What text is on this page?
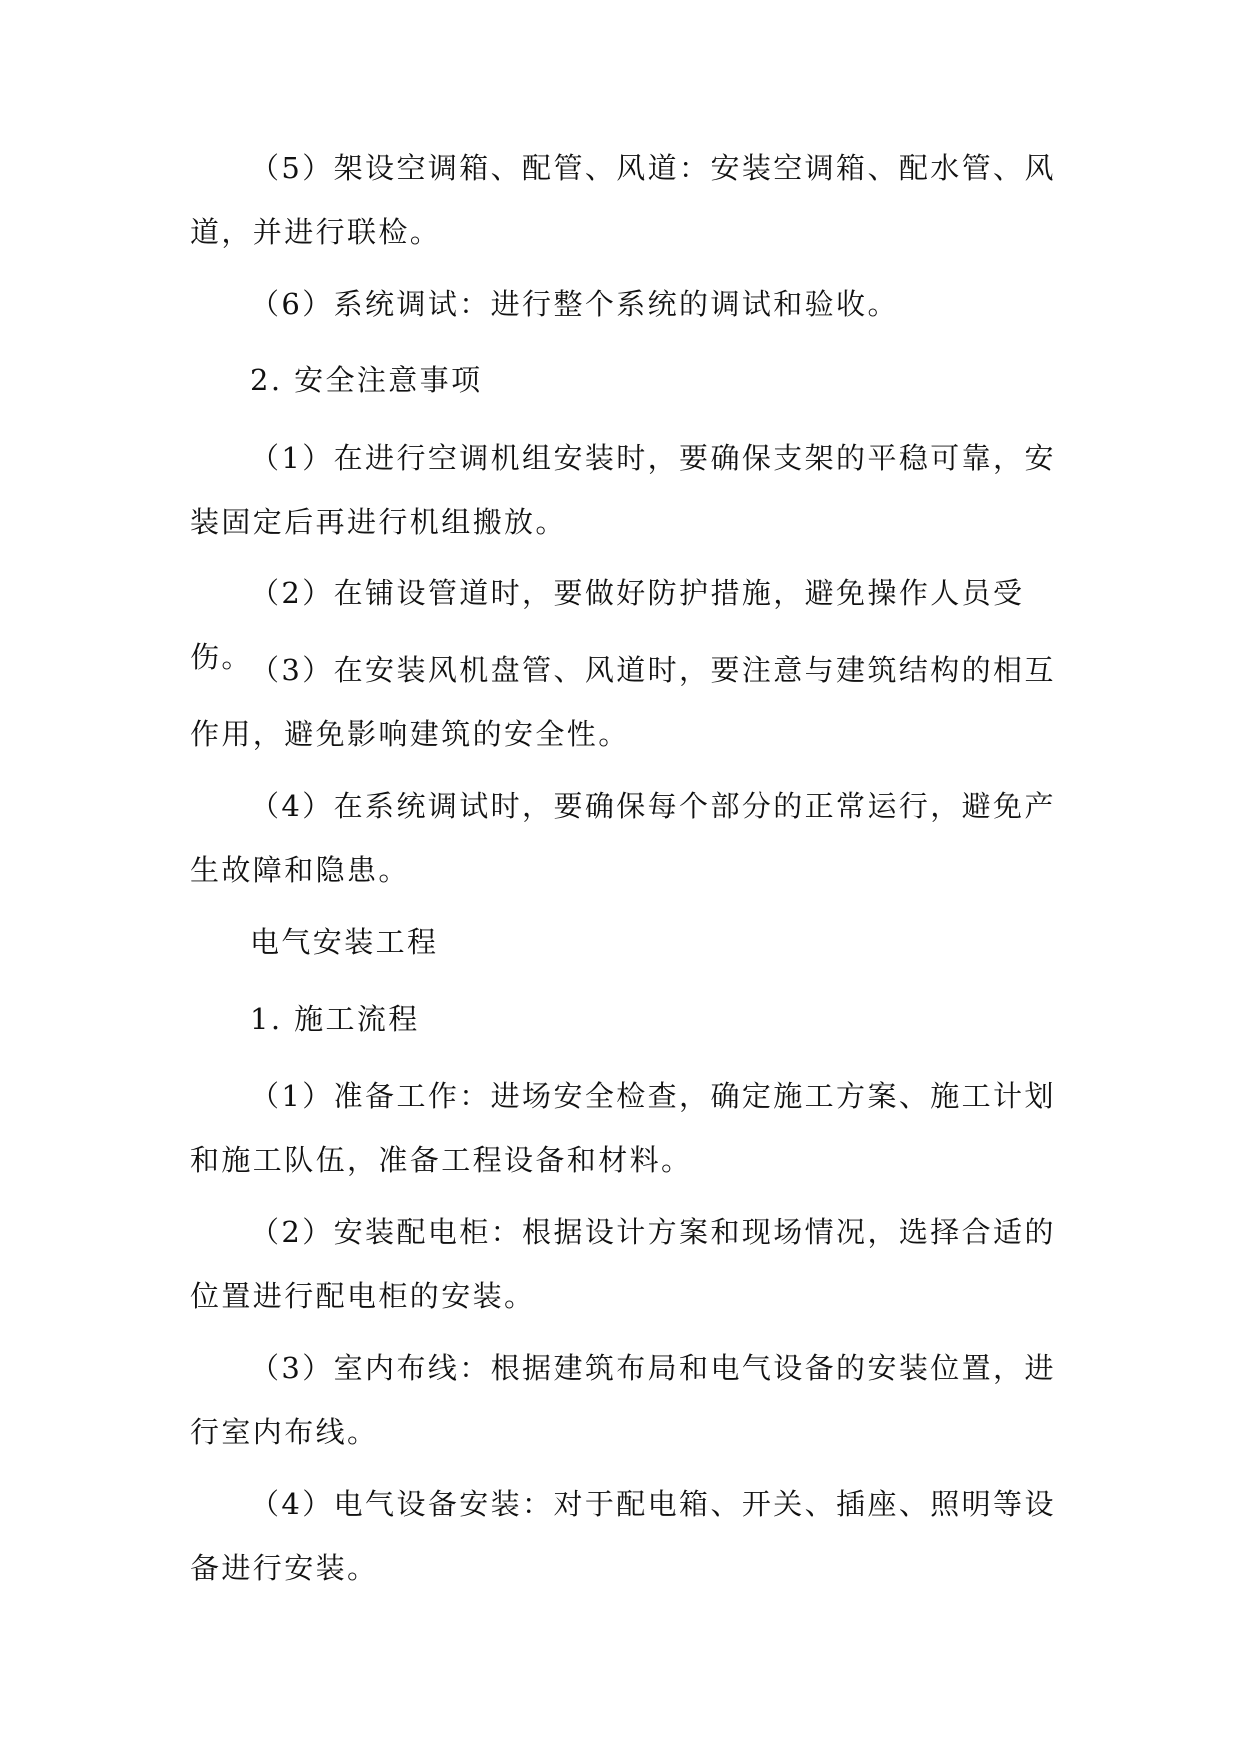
（5）架设空调箱、配管、风道：安装空调箱、配水管、风道，并进行联检。

（6）系统调试：进行整个系统的调试和验收。

2. 安全注意事项

（1）在进行空调机组安装时，要确保支架的平稳可靠，安装固定后再进行机组搬放。

（2）在铺设管道时，要做好防护措施，避免操作人员受伤。

（3）在安装风机盘管、风道时，要注意与建筑结构的相互作用，避免影响建筑的安全性。

（4）在系统调试时，要确保每个部分的正常运行，避免产生故障和隐患。

电气安装工程

1. 施工流程

（1）准备工作：进场安全检查，确定施工方案、施工计划和施工队伍，准备工程设备和材料。

（2）安装配电柜：根据设计方案和现场情况，选择合适的位置进行配电柜的安装。

（3）室内布线：根据建筑布局和电气设备的安装位置，进行室内布线。

（4）电气设备安装：对于配电箱、开关、插座、照明等设备进行安装。
